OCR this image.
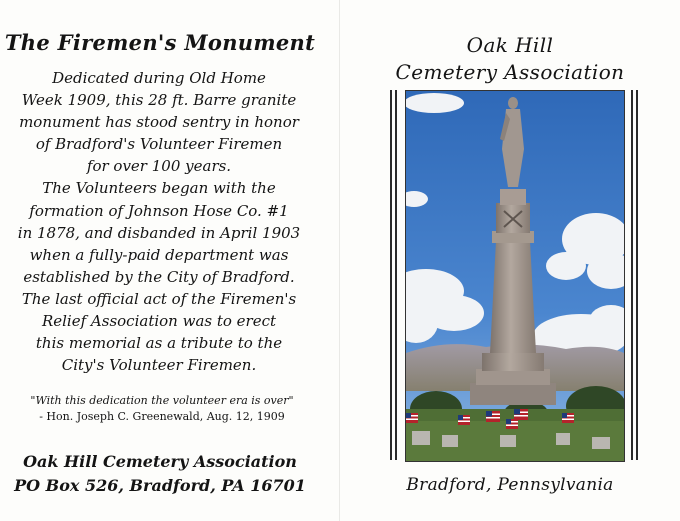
The Firemen's Monument
Dedicated during Old Home
Week 1909, this 28 ft. Barre granite
monument has stood sentry in honor
of Bradford's Volunteer Firemen
for over 100 years.
The Volunteers began with the
formation of Johnson Hose Co. #1
in 1878, and disbanded in April 1903
when a fully-paid department was
established by the City of Bradford.
The last official act of the Firemen's
Relief Association was to erect
this memorial as a tribute to the
City's Volunteer Firemen.
"With this dedication the volunteer era is over"
- Hon. Joseph C. Greenewald, Aug. 12, 1909
Oak Hill Cemetery Association
PO Box 526, Bradford, PA 16701
Oak Hill
Cemetery Association
Bradford, Pennsylvania
